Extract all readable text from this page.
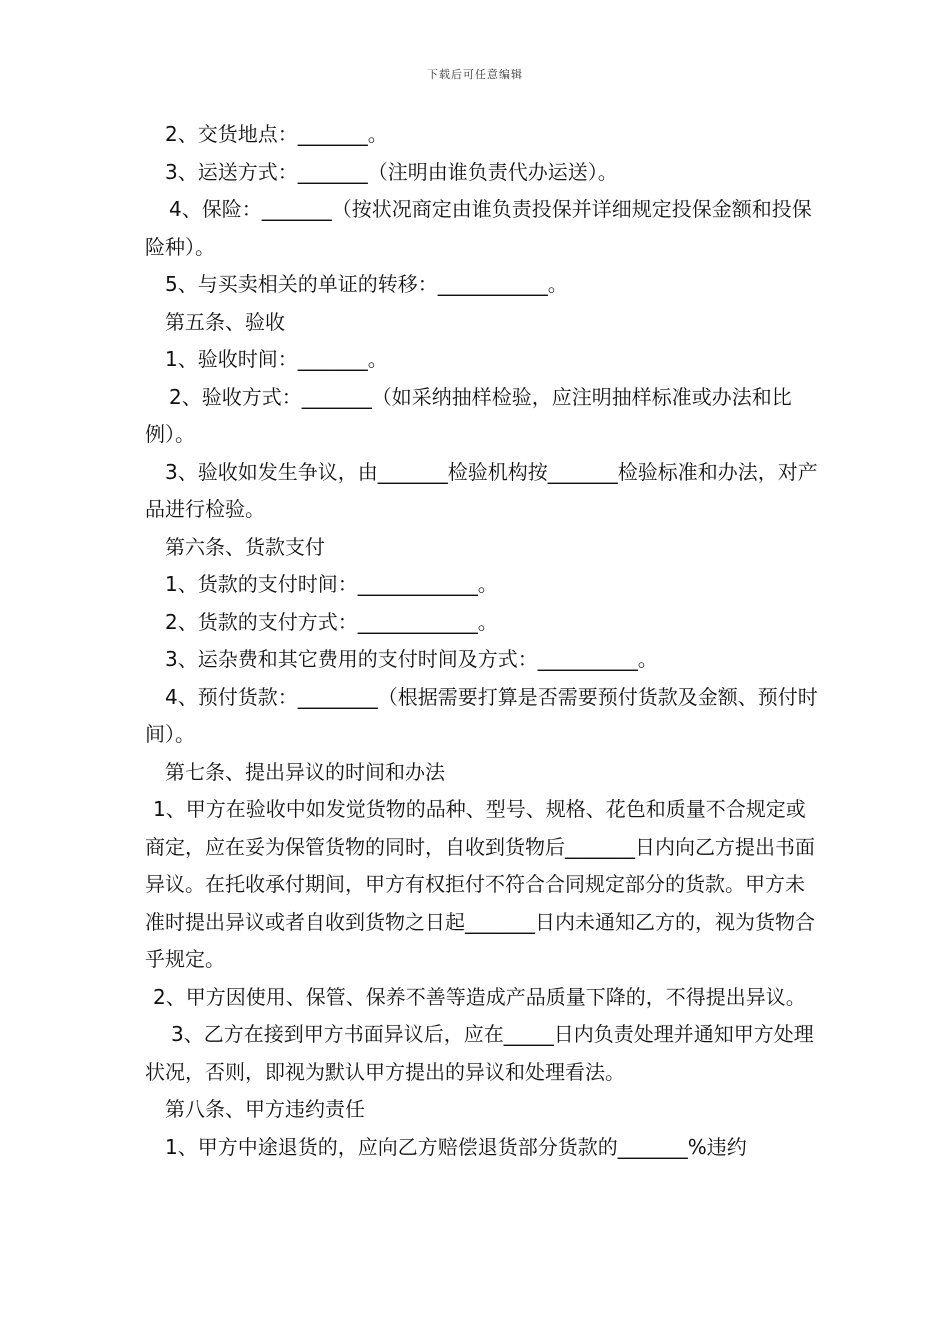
下载后可任意编辑

2、交货地点：_______。

3、运送方式：_______（注明由谁负责代办运送）。

4、保险：_______（按状况商定由谁负责投保并详细规定投保金额和投保险种）。

5、与买卖相关的单证的转移：___________。

第五条、验收

1、验收时间：_______。

2、验收方式：_______（如采纳抽样检验，应注明抽样标准或办法和比例）。

3、验收如发生争议，由_______检验机构按_______检验标准和办法，对产品进行检验。

第六条、货款支付

1、货款的支付时间：____________。

2、货款的支付方式：____________。

3、运杂费和其它费用的支付时间及方式：__________。

4、预付货款：________（根据需要打算是否需要预付货款及金额、预付时间）。

第七条、提出异议的时间和办法

1、甲方在验收中如发觉货物的品种、型号、规格、花色和质量不合规定或商定，应在妥为保管货物的同时，自收到货物后_______日内向乙方提出书面异议。在托收承付期间，甲方有权拒付不符合合同规定部分的货款。甲方未准时提出异议或者自收到货物之日起_______日内未通知乙方的，视为货物合乎规定。

2、甲方因使用、保管、保养不善等造成产品质量下降的，不得提出异议。

3、乙方在接到甲方书面异议后，应在_____日内负责处理并通知甲方处理状况，否则，即视为默认甲方提出的异议和处理看法。

第八条、甲方违约责任

1、甲方中途退货的，应向乙方赔偿退货部分货款的_______%违约
